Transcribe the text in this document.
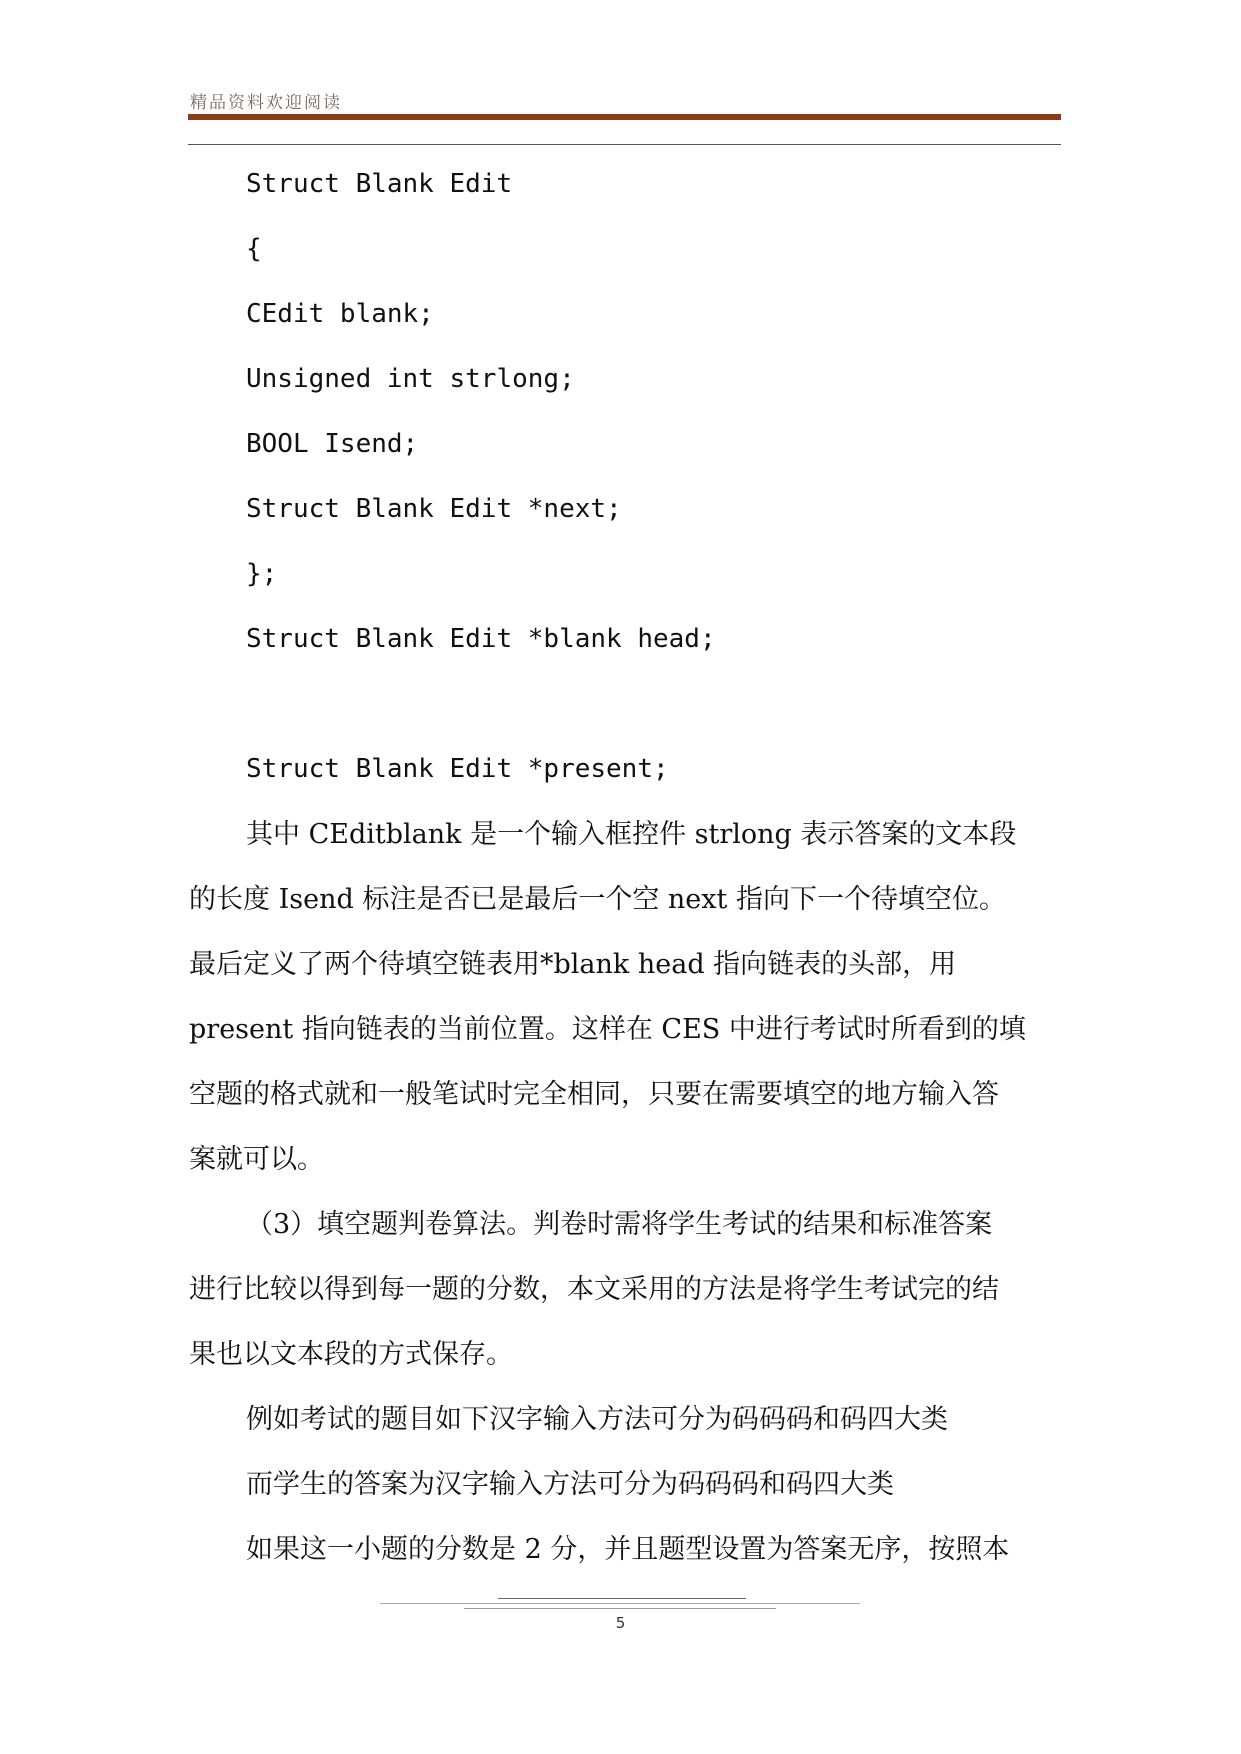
精品资料欢迎阅读
Struct Blank Edit
{
CEdit blank;
Unsigned int strlong;
BOOL Isend;
Struct Blank Edit *next;
};
Struct Blank Edit *blank head;
Struct Blank Edit *present;
其中 CEditblank 是一个输入框控件 strlong 表示答案的文本段
的长度 Isend 标注是否已是最后一个空 next 指向下一个待填空位。
最后定义了两个待填空链表用*blank head 指向链表的头部，用
present 指向链表的当前位置。这样在 CES 中进行考试时所看到的填
空题的格式就和一般笔试时完全相同，只要在需要填空的地方输入答
案就可以。
（3）填空题判卷算法。判卷时需将学生考试的结果和标准答案
进行比较以得到每一题的分数，本文采用的方法是将学生考试完的结
果也以文本段的方式保存。
例如考试的题目如下汉字输入方法可分为码码码和码四大类
而学生的答案为汉字输入方法可分为码码码和码四大类
如果这一小题的分数是 2 分，并且题型设置为答案无序，按照本
5
